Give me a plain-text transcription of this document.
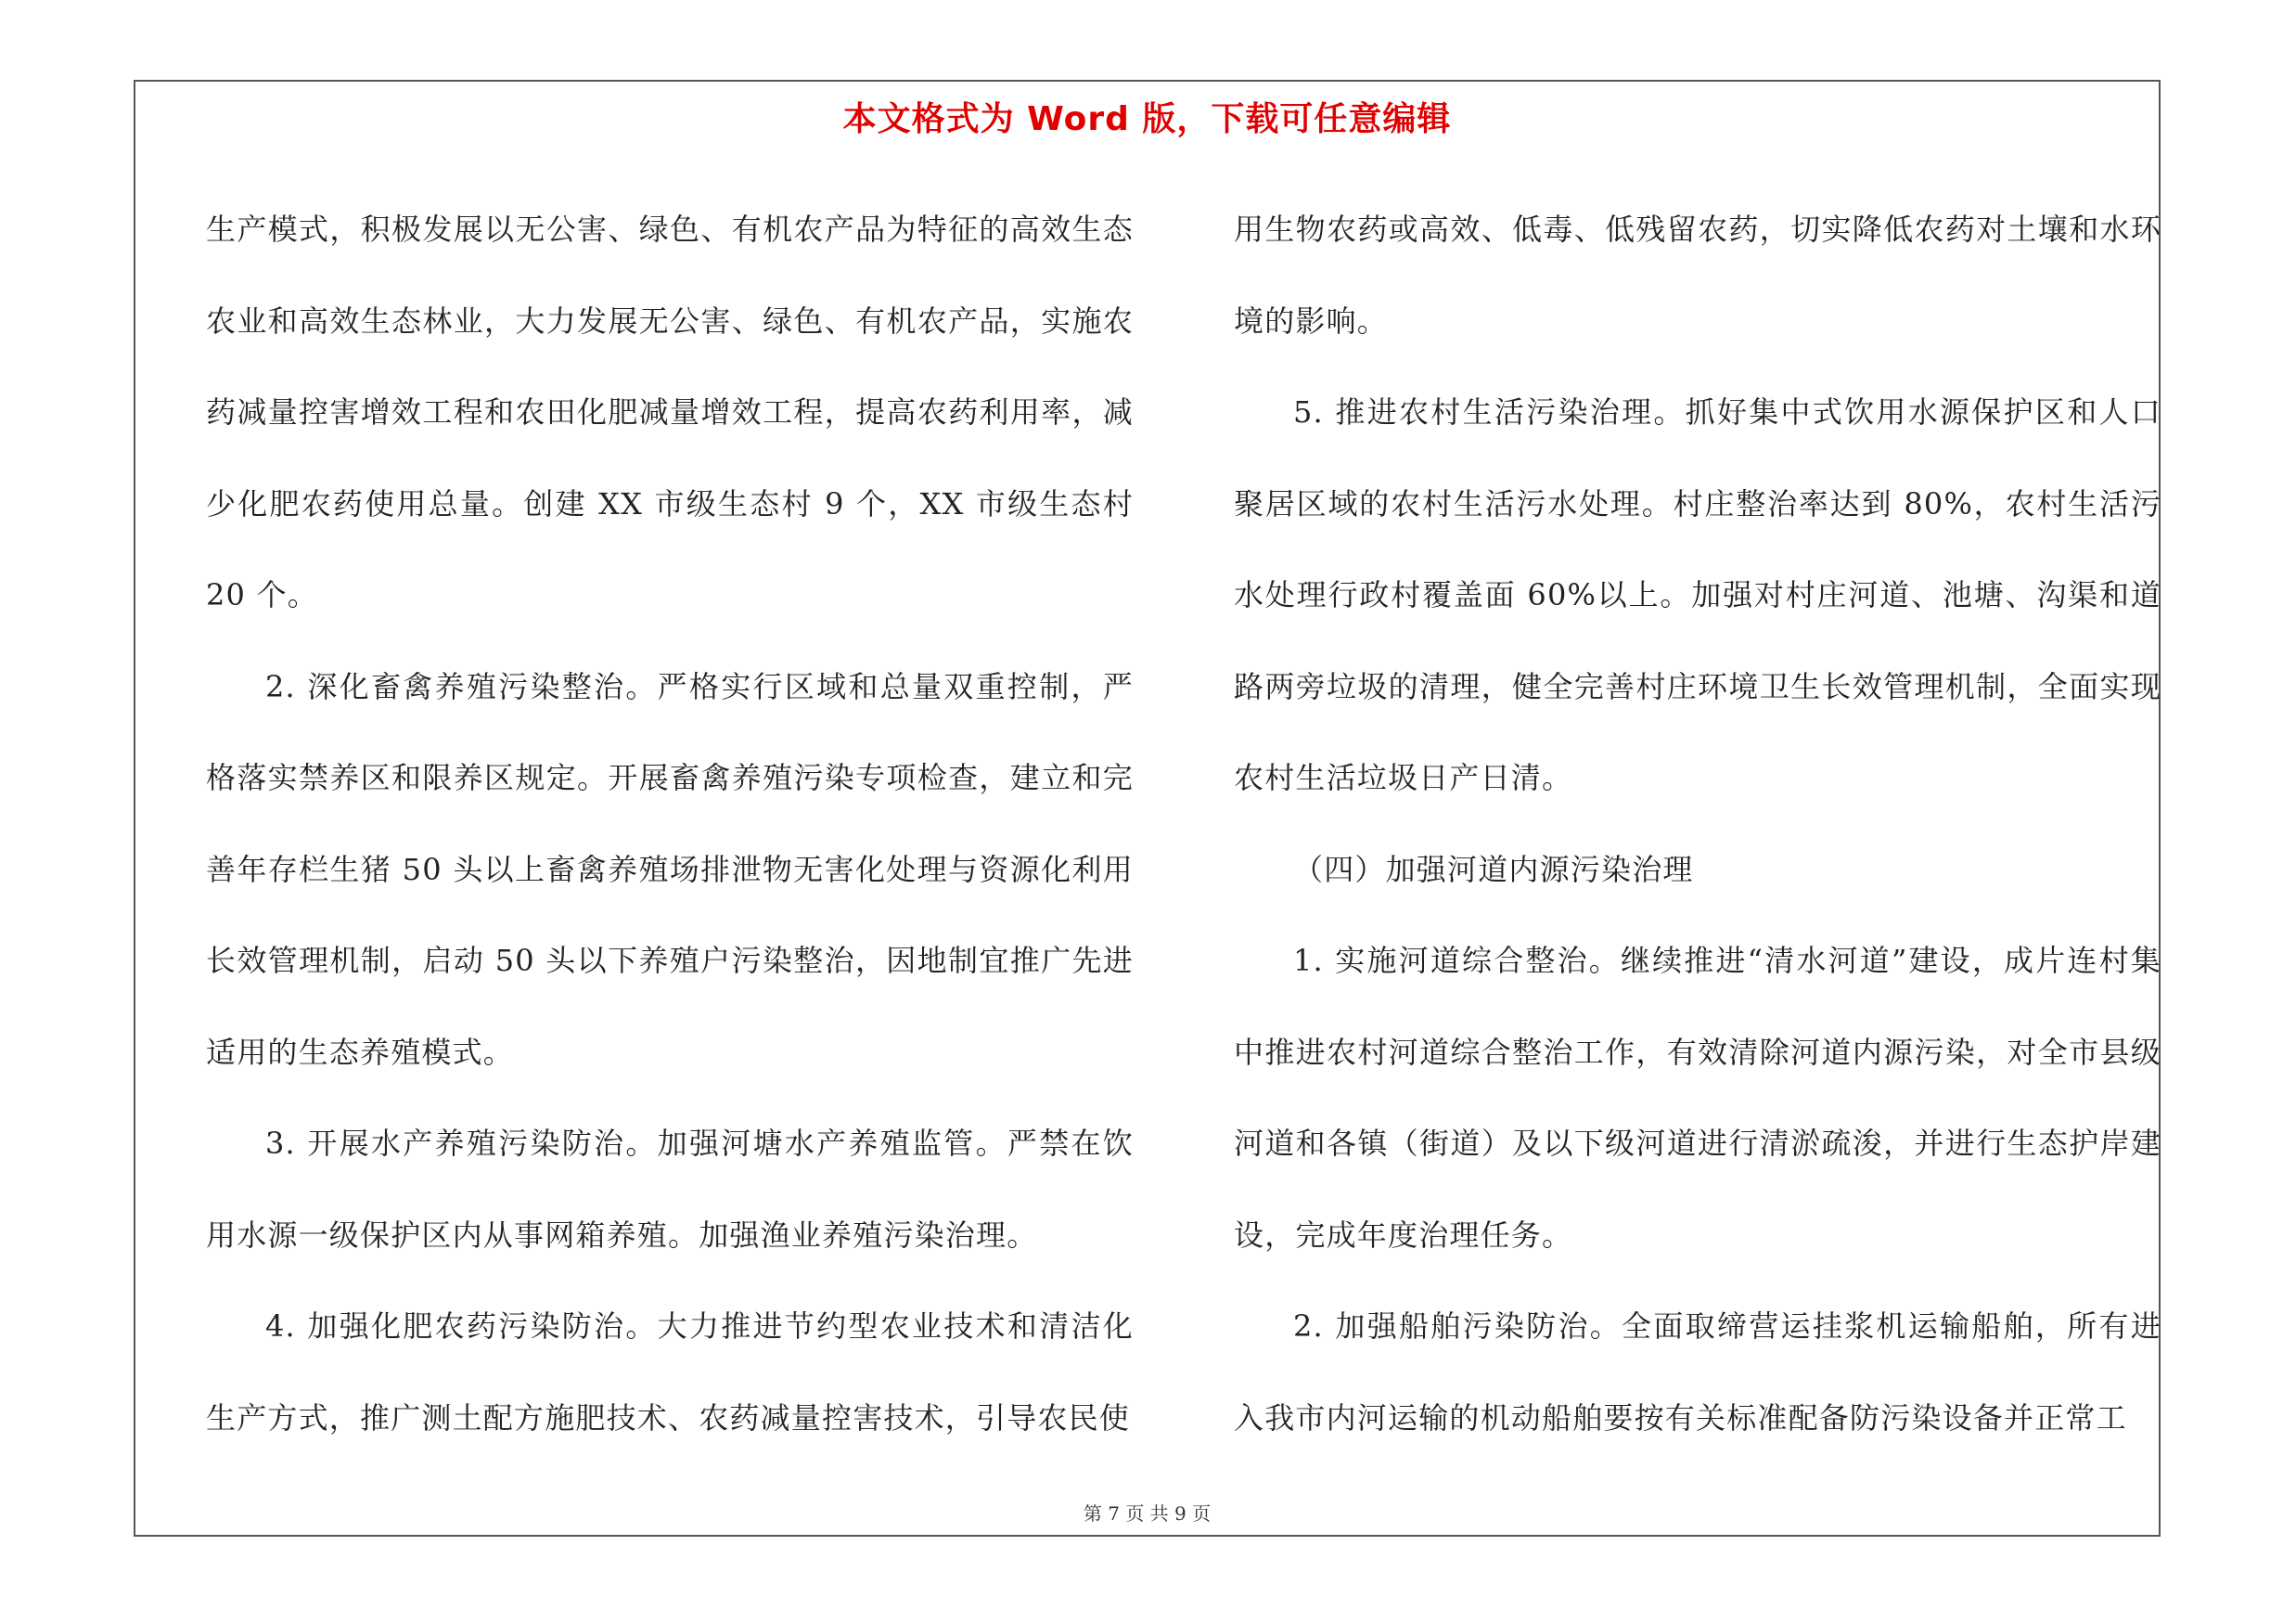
本文格式为 Word 版，下载可任意编辑

生产模式，积极发展以无公害、绿色、有机农产品为特征的高效生态农业和高效生态林业，大力发展无公害、绿色、有机农产品，实施农药减量控害增效工程和农田化肥减量增效工程，提高农药利用率，减少化肥农药使用总量。创建 XX 市级生态村 9 个，XX 市级生态村 20 个。

2. 深化畜禽养殖污染整治。严格实行区域和总量双重控制，严格落实禁养区和限养区规定。开展畜禽养殖污染专项检查，建立和完善年存栏生猪 50 头以上畜禽养殖场排泄物无害化处理与资源化利用长效管理机制，启动 50 头以下养殖户污染整治，因地制宜推广先进适用的生态养殖模式。

3. 开展水产养殖污染防治。加强河塘水产养殖监管。严禁在饮用水源一级保护区内从事网箱养殖。加强渔业养殖污染治理。

4. 加强化肥农药污染防治。大力推进节约型农业技术和清洁化生产方式，推广测土配方施肥技术、农药减量控害技术，引导农民使

用生物农药或高效、低毒、低残留农药，切实降低农药对土壤和水环境的影响。

5. 推进农村生活污染治理。抓好集中式饮用水源保护区和人口聚居区域的农村生活污水处理。村庄整治率达到 80%，农村生活污水处理行政村覆盖面 60%以上。加强对村庄河道、池塘、沟渠和道路两旁垃圾的清理，健全完善村庄环境卫生长效管理机制，全面实现农村生活垃圾日产日清。

（四）加强河道内源污染治理

1. 实施河道综合整治。继续推进“清水河道”建设，成片连村集中推进农村河道综合整治工作，有效清除河道内源污染，对全市县级河道和各镇（街道）及以下级河道进行清淤疏浚，并进行生态护岸建设，完成年度治理任务。

2. 加强船舶污染防治。全面取缔营运挂浆机运输船舶，所有进入我市内河运输的机动船舶要按有关标准配备防污染设备并正常工

第 7 页 共 9 页
